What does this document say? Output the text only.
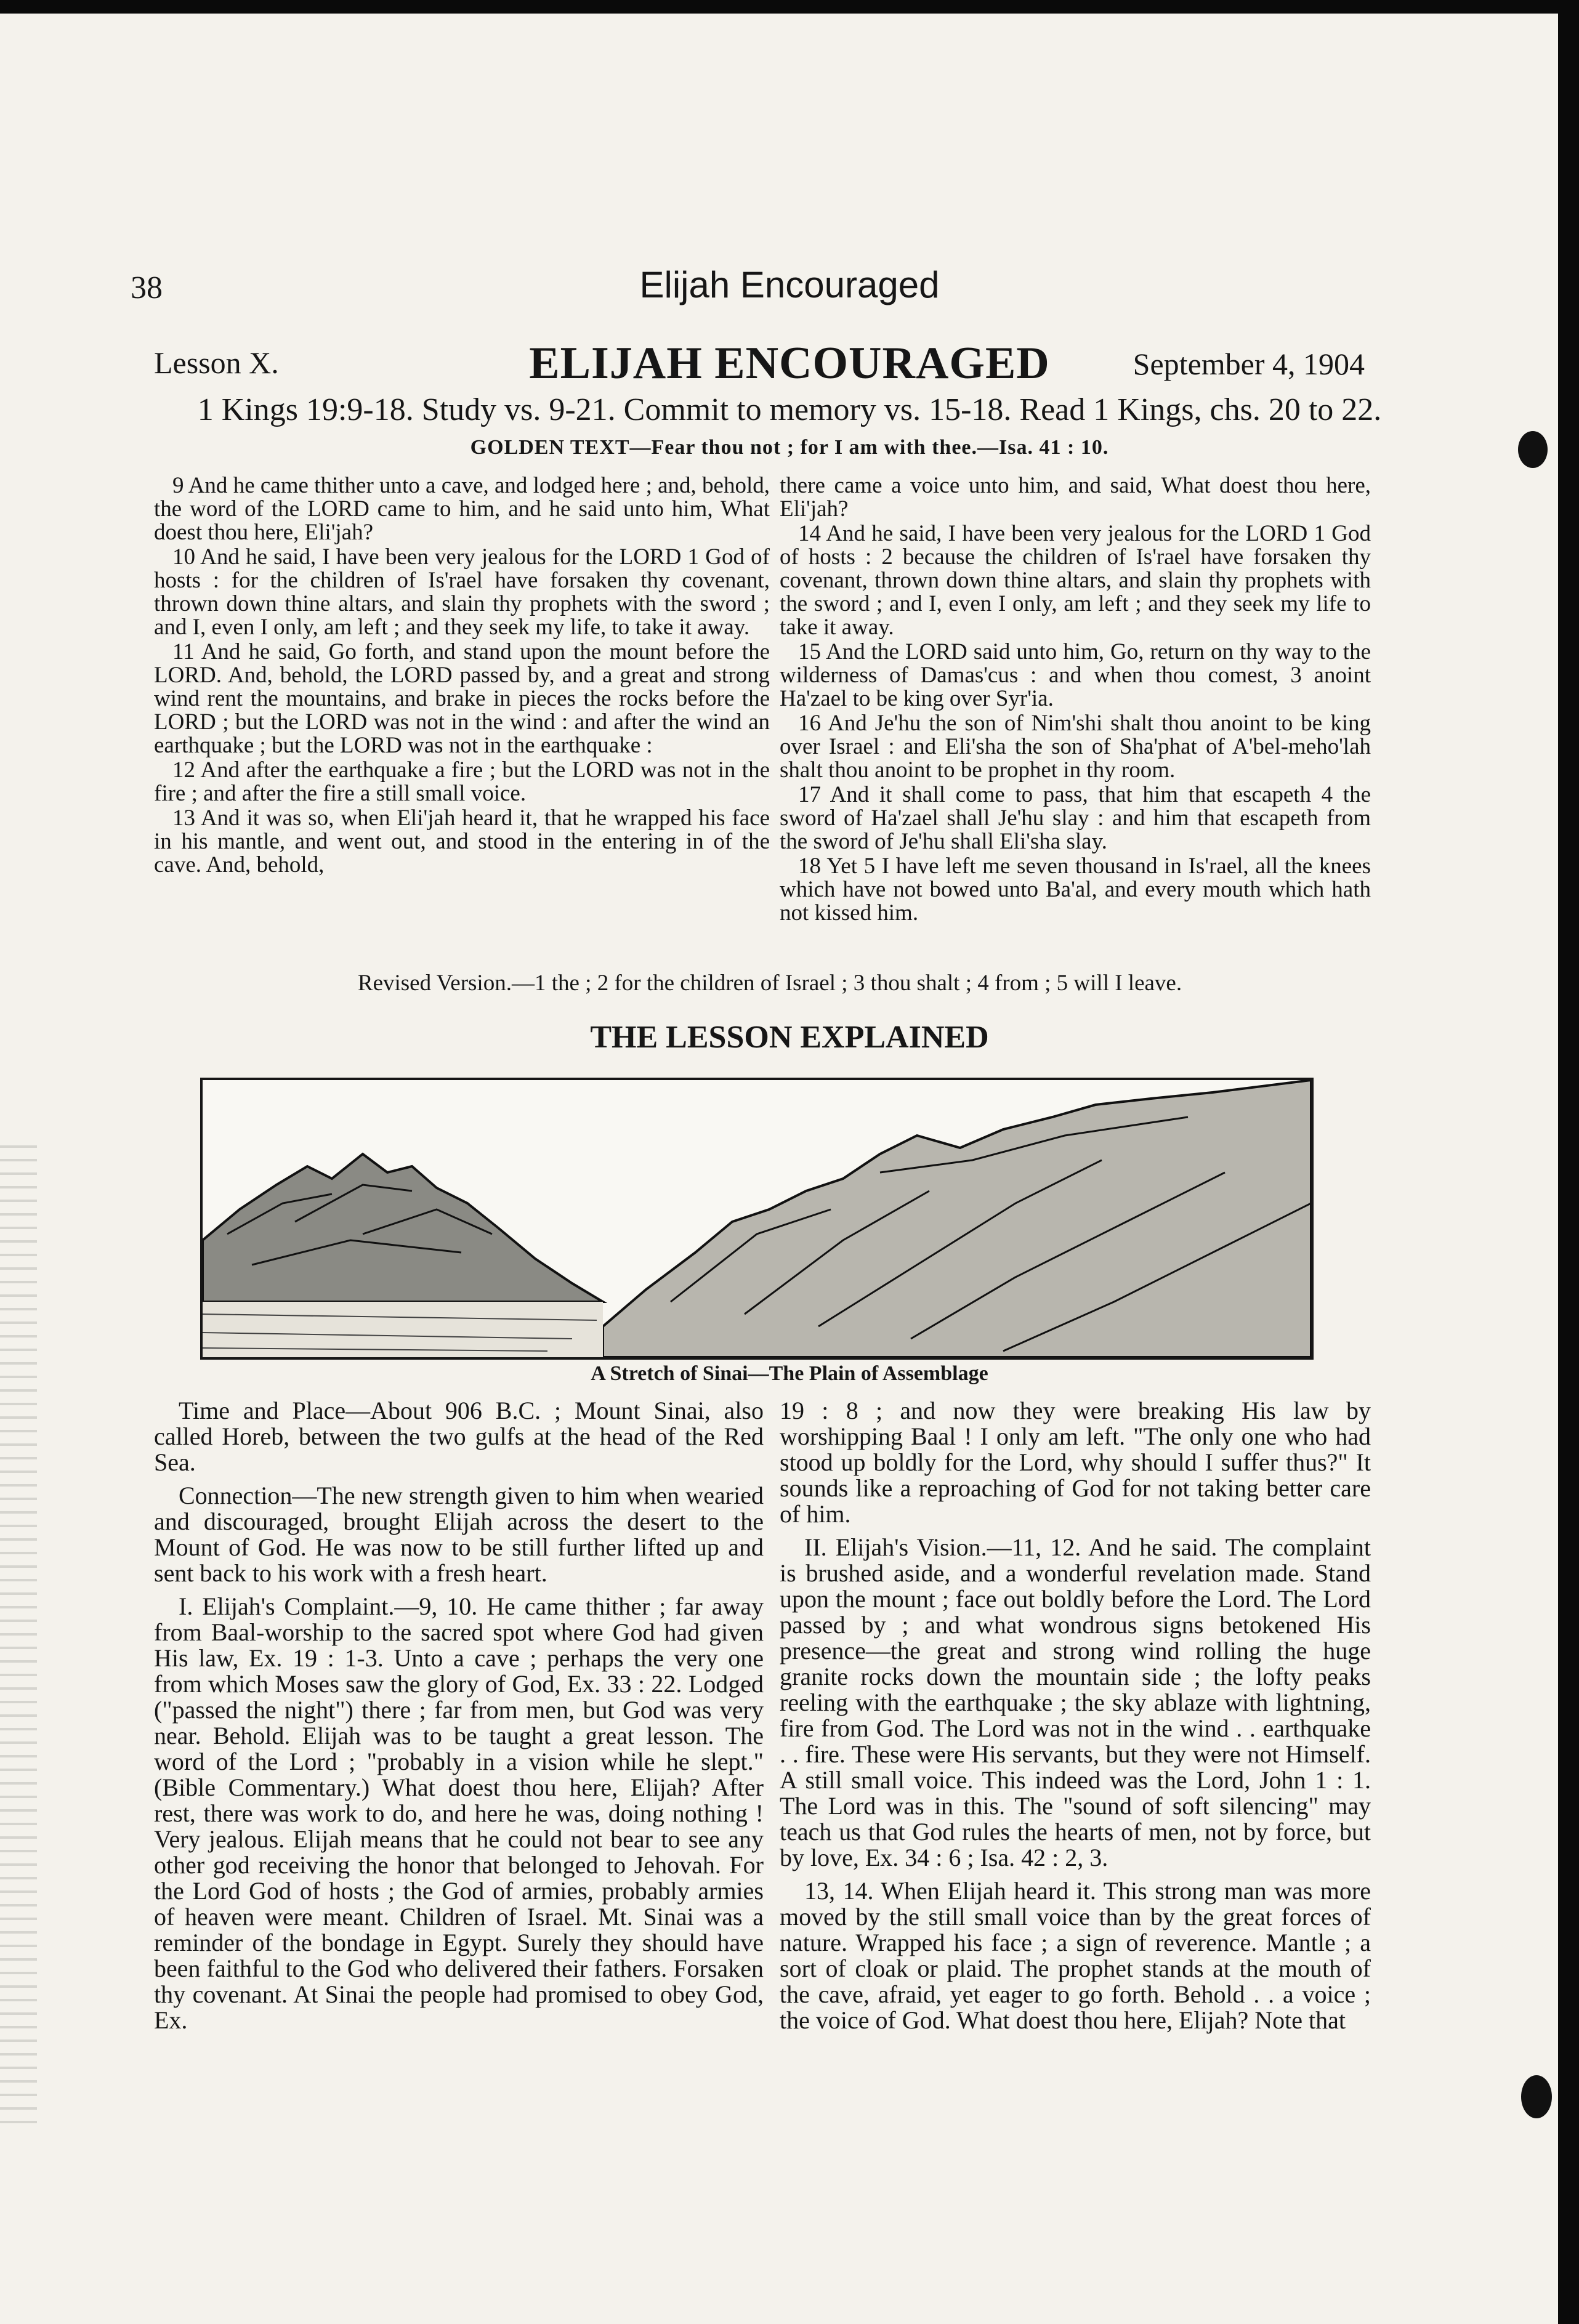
38	Elijah Encouraged
Lesson X.	ELIJAH ENCOURAGED	September 4, 1904
1 Kings 19:9-18. Study vs. 9-21. Commit to memory vs. 15-18. Read 1 Kings, chs. 20 to 22.
GOLDEN TEXT—Fear thou not ; for I am with thee.—Isa. 41 : 10.

9 And he came thither unto a cave, and lodged here ; and, behold, the word of the LORD came to him, and he said unto him, What doest thou here, Eli'jah?

10 And he said, I have been very jealous for the LORD 1 God of hosts : for the children of Is'rael have forsaken thy covenant, thrown down thine altars, and slain thy prophets with the sword ; and I, even I only, am left ; and they seek my life, to take it away.

11 And he said, Go forth, and stand upon the mount before the LORD. And, behold, the LORD passed by, and a great and strong wind rent the mountains, and brake in pieces the rocks before the LORD ; but the LORD was not in the wind : and after the wind an earthquake ; but the LORD was not in the earthquake :

12 And after the earthquake a fire ; but the LORD was not in the fire ; and after the fire a still small voice.

13 And it was so, when Eli'jah heard it, that he wrapped his face in his mantle, and went out, and stood in the entering in of the cave. And, behold,

there came a voice unto him, and said, What doest thou here, Eli'jah?

14 And he said, I have been very jealous for the LORD 1 God of hosts : 2 because the children of Is'rael have forsaken thy covenant, thrown down thine altars, and slain thy prophets with the sword ; and I, even I only, am left ; and they seek my life to take it away.

15 And the LORD said unto him, Go, return on thy way to the wilderness of Damas'cus : and when thou comest, 3 anoint Ha'zael to be king over Syr'ia.

16 And Je'hu the son of Nim'shi shalt thou anoint to be king over Israel : and Eli'sha the son of Sha'phat of A'bel-meho'lah shalt thou anoint to be prophet in thy room.

17 And it shall come to pass, that him that escapeth 4 the sword of Ha'zael shall Je'hu slay : and him that escapeth from the sword of Je'hu shall Eli'sha slay.

18 Yet 5 I have left me seven thousand in Is'rael, all the knees which have not bowed unto Ba'al, and every mouth which hath not kissed him.

Revised Version.—1 the ; 2 for the children of Israel ; 3 thou shalt ; 4 from ; 5 will I leave.
THE LESSON EXPLAINED
A Stretch of Sinai—The Plain of Assemblage

Time and Place—About 906 B.C. ; Mount Sinai, also called Horeb, between the two gulfs at the head of the Red Sea.

Connection—The new strength given to him when wearied and discouraged, brought Elijah across the desert to the Mount of God. He was now to be still further lifted up and sent back to his work with a fresh heart.

I. Elijah's Complaint.—9, 10. He came thither ; far away from Baal-worship to the sacred spot where God had given His law, Ex. 19 : 1-3. Unto a cave ; perhaps the very one from which Moses saw the glory of God, Ex. 33 : 22. Lodged ("passed the night") there ; far from men, but God was very near. Behold. Elijah was to be taught a great lesson. The word of the Lord ; "probably in a vision while he slept." (Bible Commentary.) What doest thou here, Elijah? After rest, there was work to do, and here he was, doing nothing ! Very jealous. Elijah means that he could not bear to see any other god receiving the honor that belonged to Jehovah. For the Lord God of hosts ; the God of armies, probably armies of heaven were meant. Children of Israel. Mt. Sinai was a reminder of the bondage in Egypt. Surely they should have been faithful to the God who delivered their fathers. Forsaken thy covenant. At Sinai the people had promised to obey God, Ex.

19 : 8 ; and now they were breaking His law by worshipping Baal ! I only am left. "The only one who had stood up boldly for the Lord, why should I suffer thus?" It sounds like a reproaching of God for not taking better care of him.

II. Elijah's Vision.—11, 12. And he said. The complaint is brushed aside, and a wonderful revelation made. Stand upon the mount ; face out boldly before the Lord. The Lord passed by ; and what wondrous signs betokened His presence—the great and strong wind rolling the huge granite rocks down the mountain side ; the lofty peaks reeling with the earthquake ; the sky ablaze with lightning, fire from God. The Lord was not in the wind . . earthquake . . fire. These were His servants, but they were not Himself. A still small voice. This indeed was the Lord, John 1 : 1. The Lord was in this. The "sound of soft silencing" may teach us that God rules the hearts of men, not by force, but by love, Ex. 34 : 6 ; Isa. 42 : 2, 3.

13, 14. When Elijah heard it. This strong man was more moved by the still small voice than by the great forces of nature. Wrapped his face ; a sign of reverence. Mantle ; a sort of cloak or plaid. The prophet stands at the mouth of the cave, afraid, yet eager to go forth. Behold . . a voice ; the voice of God. What doest thou here, Elijah? Note that
